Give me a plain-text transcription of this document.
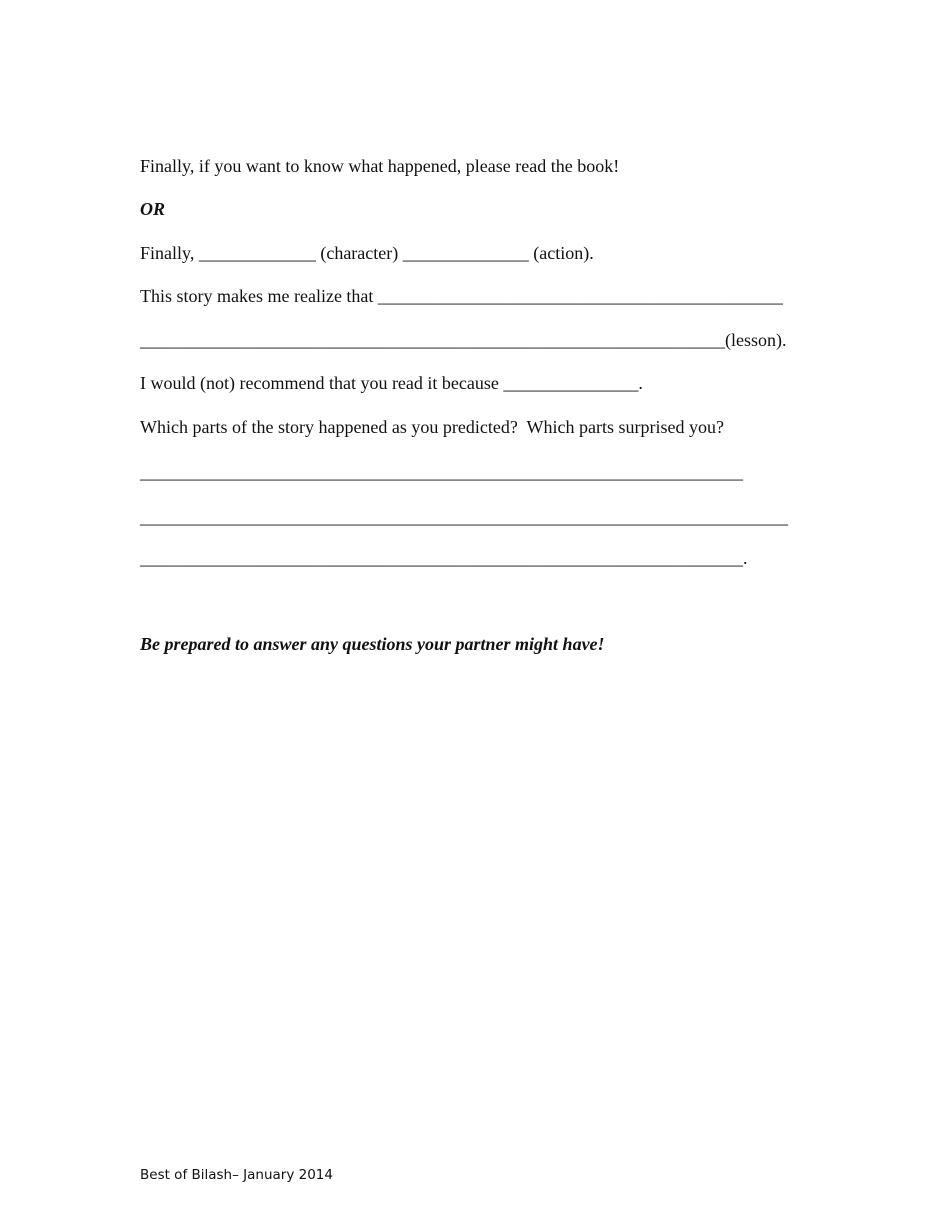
Finally, if you want to know what happened, please read the book!
OR
Finally, _____________ (character) ______________ (action).
This story makes me realize that _____________________________________________
_________________________________________________________________(lesson).
I would (not) recommend that you read it because _______________.
Which parts of the story happened as you predicted?  Which parts surprised you?
___________________________________________________________________
________________________________________________________________________
___________________________________________________________________.
Be prepared to answer any questions your partner might have!
Best of Bilash– January 2014
